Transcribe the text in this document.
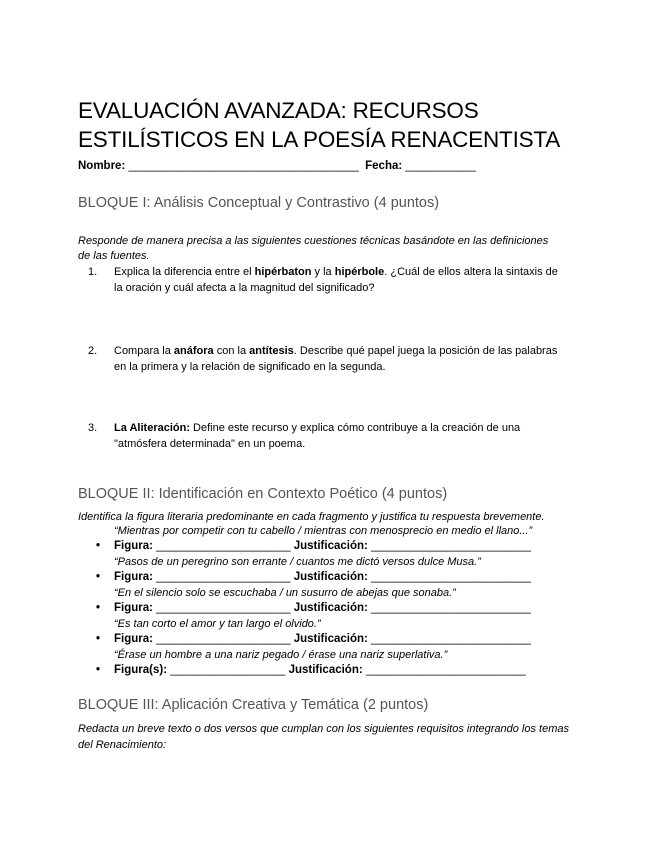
EVALUACIÓN AVANZADA: RECURSOS ESTILÍSTICOS EN LA POESÍA RENACENTISTA
Nombre: ____________________________________ Fecha: ___________
BLOQUE I: Análisis Conceptual y Contrastivo (4 puntos)
Responde de manera precisa a las siguientes cuestiones técnicas basándote en las definiciones de las fuentes.
1. Explica la diferencia entre el hipérbaton y la hipérbole. ¿Cuál de ellos altera la sintaxis de la oración y cuál afecta a la magnitud del significado?
2. Compara la anáfora con la antítesis. Describe qué papel juega la posición de las palabras en la primera y la relación de significado en la segunda.
3. La Aliteración: Define este recurso y explica cómo contribuye a la creación de una "atmósfera determinada" en un poema.
BLOQUE II: Identificación en Contexto Poético (4 puntos)
Identifica la figura literaria predominante en cada fragmento y justifica tu respuesta brevemente.
“Mientras por competir con tu cabello / mientras con menosprecio en medio el llano...”
• Figura: _____________________ Justificación: _________________________
“Pasos de un peregrino son errante / cuantos me dictó versos dulce Musa.”
• Figura: _____________________ Justificación: _________________________
“En el silencio solo se escuchaba / un susurro de abejas que sonaba.”
• Figura: _____________________ Justificación: _________________________
“Es tan corto el amor y tan largo el olvido.”
• Figura: _____________________ Justificación: _________________________
“Érase un hombre a una nariz pegado / érase una nariz superlativa.”
• Figura(s): __________________ Justificación: _________________________
BLOQUE III: Aplicación Creativa y Temática (2 puntos)
Redacta un breve texto o dos versos que cumplan con los siguientes requisitos integrando los temas del Renacimiento:
